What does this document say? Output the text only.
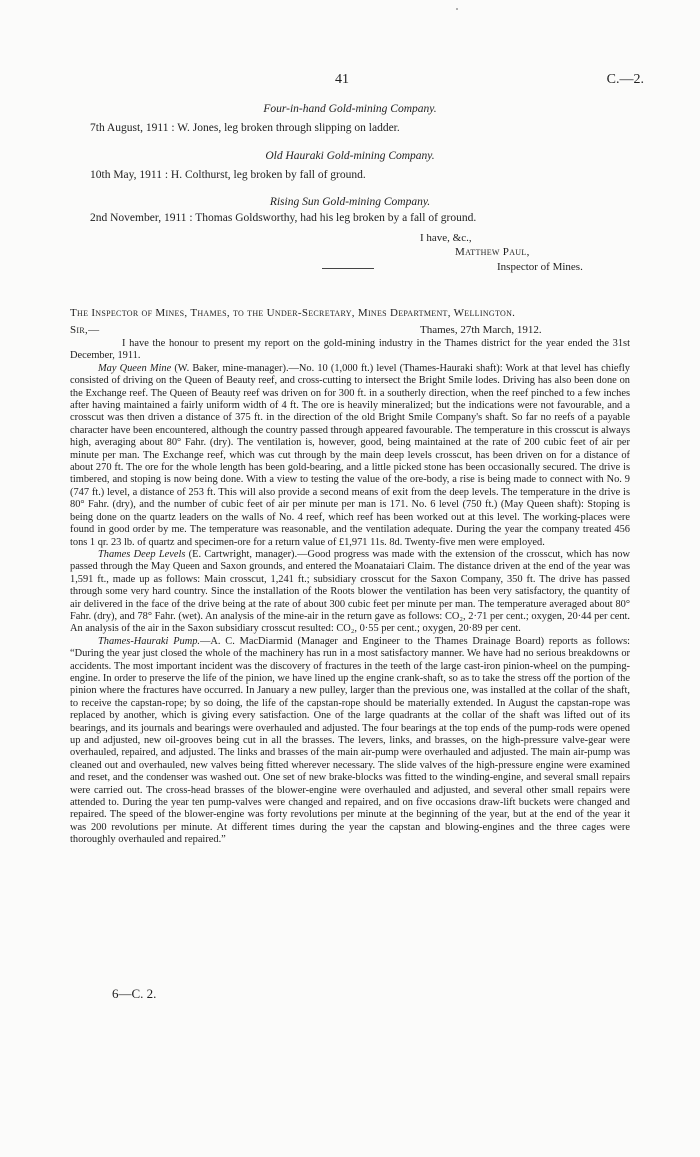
41	C.—2.
Four-in-hand Gold-mining Company.
7th August, 1911 : W. Jones, leg broken through slipping on ladder.
Old Hauraki Gold-mining Company.
10th May, 1911 : H. Colthurst, leg broken by fall of ground.
Rising Sun Gold-mining Company.
2nd November, 1911 : Thomas Goldsworthy, had his leg broken by a fall of ground.
I have, &c.,
Matthew Paul,
Inspector of Mines.
The Inspector of Mines, Thames, to the Under-Secretary, Mines Department, Wellington.
Sir,—	Thames, 27th March, 1912.

I have the honour to present my report on the gold-mining industry in the Thames district for the year ended the 31st December, 1911.

May Queen Mine (W. Baker, mine-manager).—No. 10 (1,000 ft.) level (Thames-Hauraki shaft): Work at that level has chiefly consisted of driving on the Queen of Beauty reef, and cross-cutting to intersect the Bright Smile lodes. Driving has also been done on the Exchange reef. The Queen of Beauty reef was driven on for 300 ft. in a southerly direction, when the reef pinched to a few inches after having maintained a fairly uniform width of 4 ft. The ore is heavily mineralized; but the indications were not favourable, and a crosscut was then driven a distance of 375 ft. in the direction of the old Bright Smile Company's shaft. So far no reefs of a payable character have been encountered, although the country passed through appeared favourable. The temperature in this crosscut is always high, averaging about 80° Fahr. (dry). The ventilation is, however, good, being maintained at the rate of 200 cubic feet of air per minute per man. The Exchange reef, which was cut through by the main deep levels crosscut, has been driven on for a distance of about 270 ft. The ore for the whole length has been gold-bearing, and a little picked stone has been occasionally secured. The drive is timbered, and stoping is now being done. With a view to testing the value of the ore-body, a rise is being made to connect with No. 9 (747 ft.) level, a distance of 253 ft. This will also provide a second means of exit from the deep levels. The temperature in the drive is 80° Fahr. (dry), and the number of cubic feet of air per minute per man is 171. No. 6 level (750 ft.) (May Queen shaft): Stoping is being done on the quartz leaders on the walls of No. 4 reef, which reef has been worked out at this level. The working-places were found in good order by me. The temperature was reasonable, and the ventilation adequate. During the year the company treated 456 tons 1 qr. 23 lb. of quartz and specimen-ore for a return value of £1,971 11s. 8d. Twenty-five men were employed.

Thames Deep Levels (E. Cartwright, manager).—Good progress was made with the extension of the crosscut, which has now passed through the May Queen and Saxon grounds, and entered the Moanataiari Claim. The distance driven at the end of the year was 1,591 ft., made up as follows: Main crosscut, 1,241 ft.; subsidiary crosscut for the Saxon Company, 350 ft. The drive has passed through some very hard country. Since the installation of the Roots blower the ventilation has been very satisfactory, the quantity of air delivered in the face of the drive being at the rate of about 300 cubic feet per minute per man. The temperature averaged about 80° Fahr. (dry), and 78° Fahr. (wet). An analysis of the mine-air in the return gave as follows: CO₂, 2·71 per cent.; oxygen, 20·44 per cent. An analysis of the air in the Saxon subsidiary crosscut resulted: CO₂, 0·55 per cent.; oxygen, 20·89 per cent.

Thames-Hauraki Pump.—A. C. MacDiarmid (Manager and Engineer to the Thames Drainage Board) reports as follows: “During the year just closed the whole of the machinery has run in a most satisfactory manner. We have had no serious breakdowns or accidents. The most important incident was the discovery of fractures in the teeth of the large cast-iron pinion-wheel on the pumping-engine. In order to preserve the life of the pinion, we have lined up the engine crank-shaft, so as to take the stress off the portion of the pinion where the fractures have occurred. In January a new pulley, larger than the previous one, was installed at the collar of the shaft, to receive the capstan-rope; by so doing, the life of the capstan-rope should be materially extended. In August the capstan-rope was replaced by another, which is giving every satisfaction. One of the large quadrants at the collar of the shaft was lifted out of its bearings, and its journals and bearings were overhauled and adjusted. The four bearings at the top ends of the pump-rods were opened up and adjusted, new oil-grooves being cut in all the brasses. The levers, links, and brasses, on the high-pressure valve-gear were overhauled, repaired, and adjusted. The links and brasses of the main air-pump were overhauled and adjusted. The main air-pump was cleaned out and overhauled, new valves being fitted wherever necessary. The slide valves of the high-pressure engine were examined and reset, and the condenser was washed out. One set of new brake-blocks was fitted to the winding-engine, and several small repairs were carried out. The cross-head brasses of the blower-engine were overhauled and adjusted, and several other small repairs were attended to. During the year ten pump-valves were changed and repaired, and on five occasions draw-lift buckets were changed and repaired. The speed of the blower-engine was forty revolutions per minute at the beginning of the year, but at the end of the year it was 200 revolutions per minute. At different times during the year the capstan and blowing-engines and the three cages were thoroughly overhauled and repaired.”

6—C. 2.
